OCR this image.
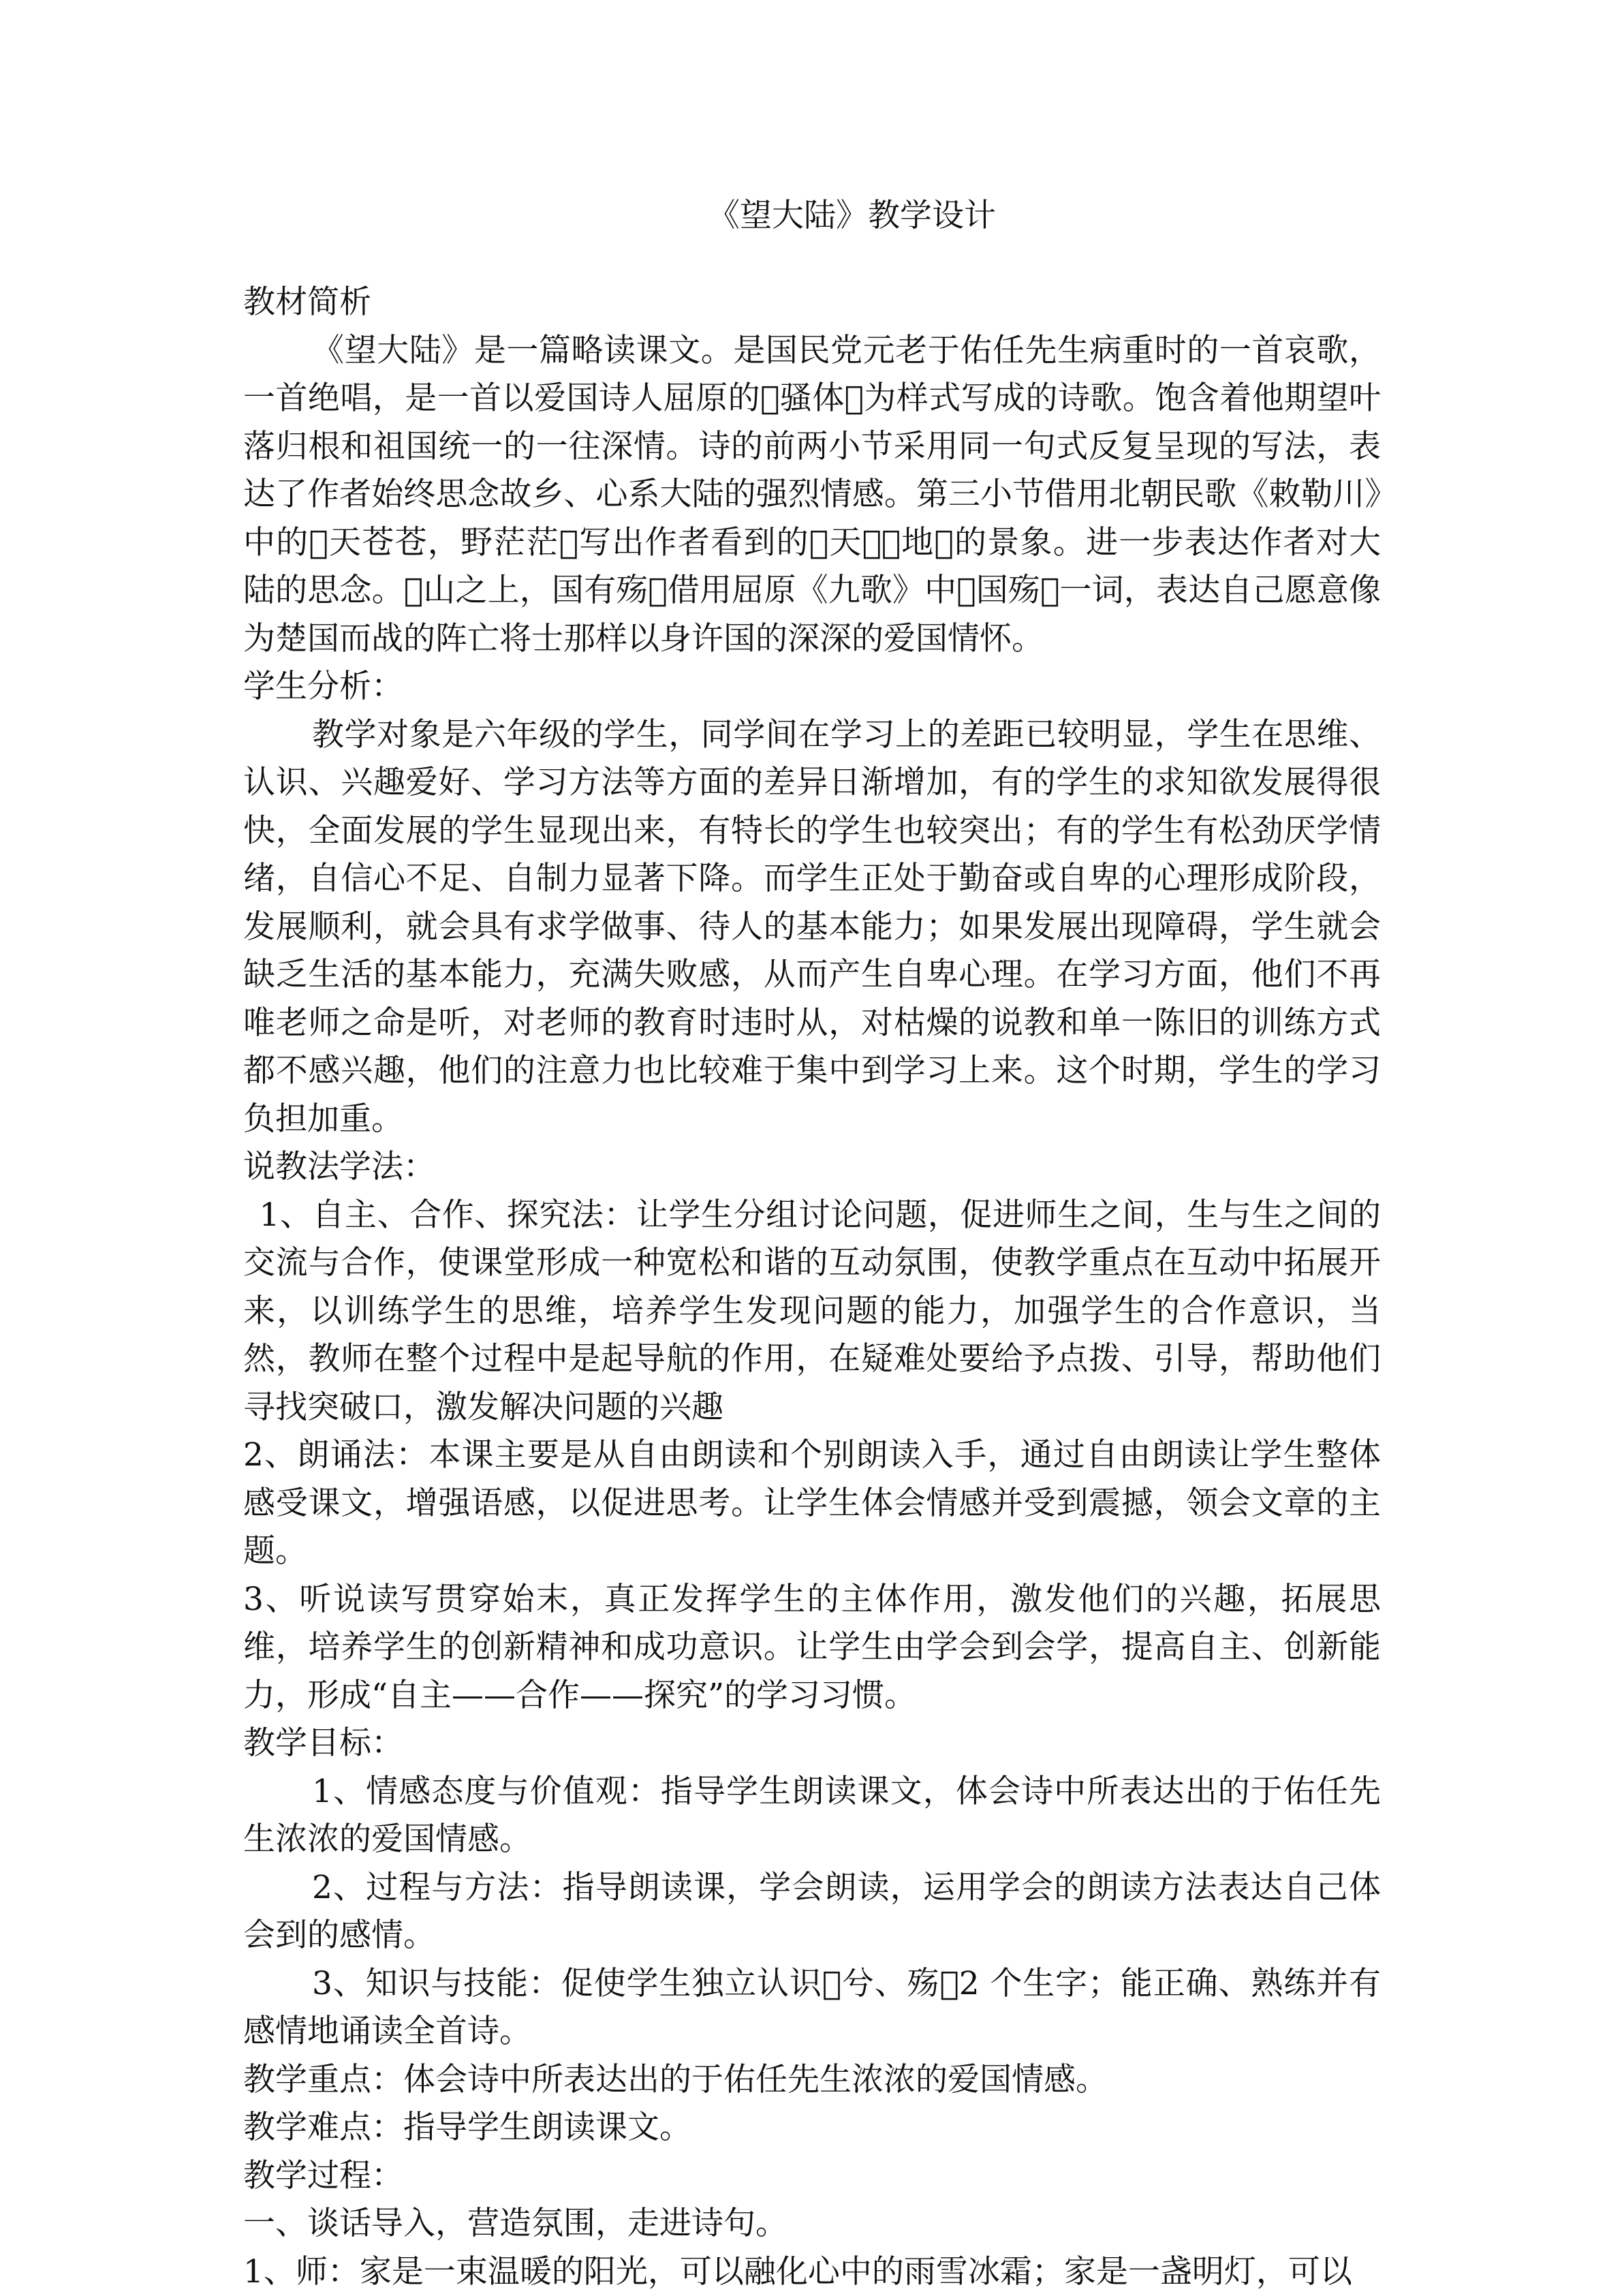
《望大陆》教学设计

教材简析

《望大陆》是一篇略读课文。是国民党元老于佑任先生病重时的一首哀歌，一首绝唱，是一首以爱国诗人屈原的 骚体 为样式写成的诗歌。饱含着他期望叶落归根和祖国统一的一往深情。诗的前两小节采用同一句式反复呈现的写法，表达了作者始终思念故乡、心系大陆的强烈情感。第三小节借用北朝民歌《敕勒川》中的 天苍苍，野茫茫 写出作者看到的 天  地 的景象。进一步表达作者对大陆的思念。 山之上，国有殇 借用屈原《九歌》中 国殇 一词，表达自己愿意像为楚国而战的阵亡将士那样以身许国的深深的爱国情怀。

学生分析：

教学对象是六年级的学生，同学间在学习上的差距已较明显，学生在思维、认识、兴趣爱好、学习方法等方面的差异日渐增加，有的学生的求知欲发展得很快，全面发展的学生显现出来，有特长的学生也较突出；有的学生有松劲厌学情绪，自信心不足、自制力显著下降。而学生正处于勤奋或自卑的心理形成阶段，发展顺利，就会具有求学做事、待人的基本能力；如果发展出现障碍，学生就会缺乏生活的基本能力，充满失败感，从而产生自卑心理。在学习方面，他们不再唯老师之命是听，对老师的教育时违时从，对枯燥的说教和单一陈旧的训练方式都不感兴趣，他们的注意力也比较难于集中到学习上来。这个时期，学生的学习负担加重。

说教法学法：

1、自主、合作、探究法：让学生分组讨论问题，促进师生之间，生与生之间的交流与合作，使课堂形成一种宽松和谐的互动氛围，使教学重点在互动中拓展开来，以训练学生的思维，培养学生发现问题的能力，加强学生的合作意识，当然，教师在整个过程中是起导航的作用，在疑难处要给予点拨、引导，帮助他们寻找突破口，激发解决问题的兴趣

2、朗诵法：本课主要是从自由朗读和个别朗读入手，通过自由朗读让学生整体感受课文，增强语感，以促进思考。让学生体会情感并受到震撼，领会文章的主题。

3、听说读写贯穿始末，真正发挥学生的主体作用，激发他们的兴趣，拓展思维，培养学生的创新精神和成功意识。让学生由学会到会学，提高自主、创新能力，形成“自主——合作——探究”的学习习惯。

教学目标：

1、情感态度与价值观：指导学生朗读课文，体会诗中所表达出的于佑任先生浓浓的爱国情感。

2、过程与方法：指导朗读课，学会朗读，运用学会的朗读方法表达自己体会到的感情。

3、知识与技能：促使学生独立认识 兮、殇 2 个生字；能正确、熟练并有感情地诵读全首诗。

教学重点：体会诗中所表达出的于佑任先生浓浓的爱国情感。

教学难点：指导学生朗读课文。

教学过程：

一、谈话导入，营造氛围，走进诗句。

1、师：家是一束温暖的阳光，可以融化心中的雨雪冰霜；家是一盏明灯，可以
